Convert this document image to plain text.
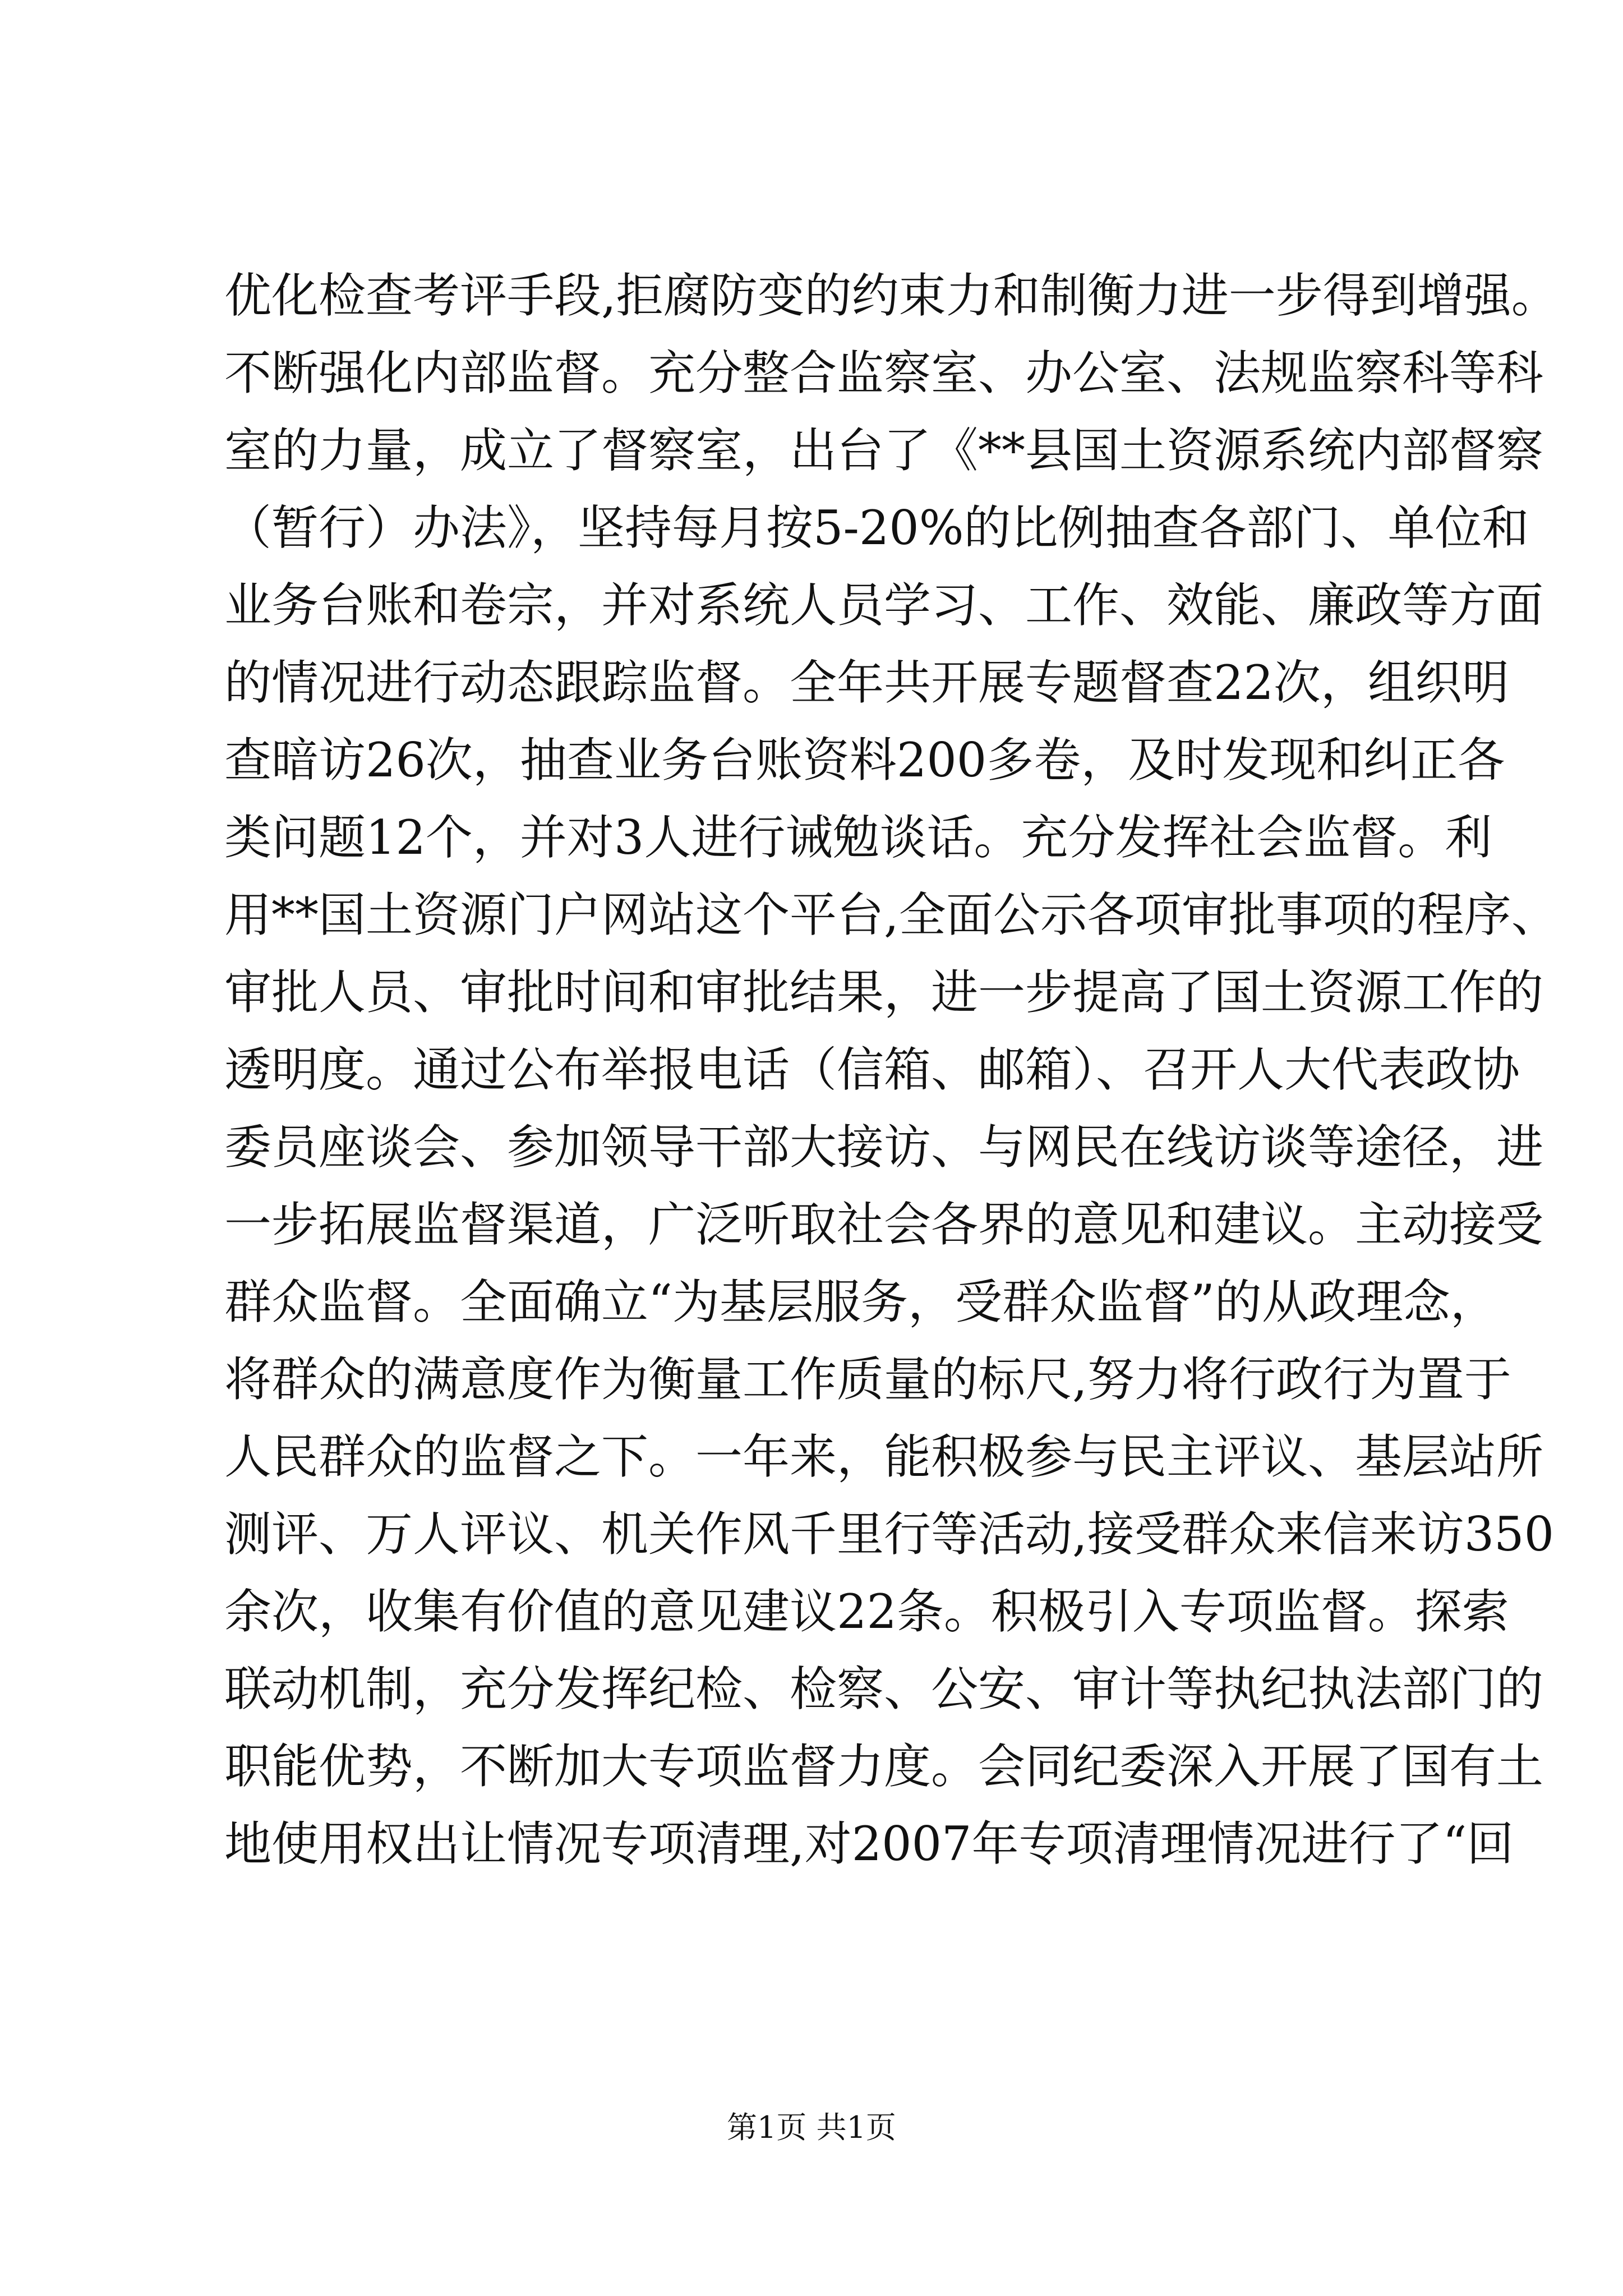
优化检查考评手段,拒腐防变的约束力和制衡力进一步得到增强。
不断强化内部监督。充分整合监察室、办公室、法规监察科等科
室的力量，成立了督察室，出台了《**县国土资源系统内部督察
（暂行）办法》，坚持每月按5-20%的比例抽查各部门、单位和
业务台账和卷宗，并对系统人员学习、工作、效能、廉政等方面
的情况进行动态跟踪监督。全年共开展专题督查22次，组织明
查暗访26次，抽查业务台账资料200多卷，及时发现和纠正各
类问题12个，并对3人进行诫勉谈话。充分发挥社会监督。利
用**国土资源门户网站这个平台,全面公示各项审批事项的程序、
审批人员、审批时间和审批结果，进一步提高了国土资源工作的
透明度。通过公布举报电话（信箱、邮箱）、召开人大代表政协
委员座谈会、参加领导干部大接访、与网民在线访谈等途径，进
一步拓展监督渠道，广泛听取社会各界的意见和建议。主动接受
群众监督。全面确立“为基层服务，受群众监督”的从政理念，
将群众的满意度作为衡量工作质量的标尺,努力将行政行为置于
人民群众的监督之下。一年来，能积极参与民主评议、基层站所
测评、万人评议、机关作风千里行等活动,接受群众来信来访350
余次，收集有价值的意见建议22条。积极引入专项监督。探索
联动机制，充分发挥纪检、检察、公安、审计等执纪执法部门的
职能优势，不断加大专项监督力度。会同纪委深入开展了国有土
地使用权出让情况专项清理,对2007年专项清理情况进行了“回
第1页 共1页
